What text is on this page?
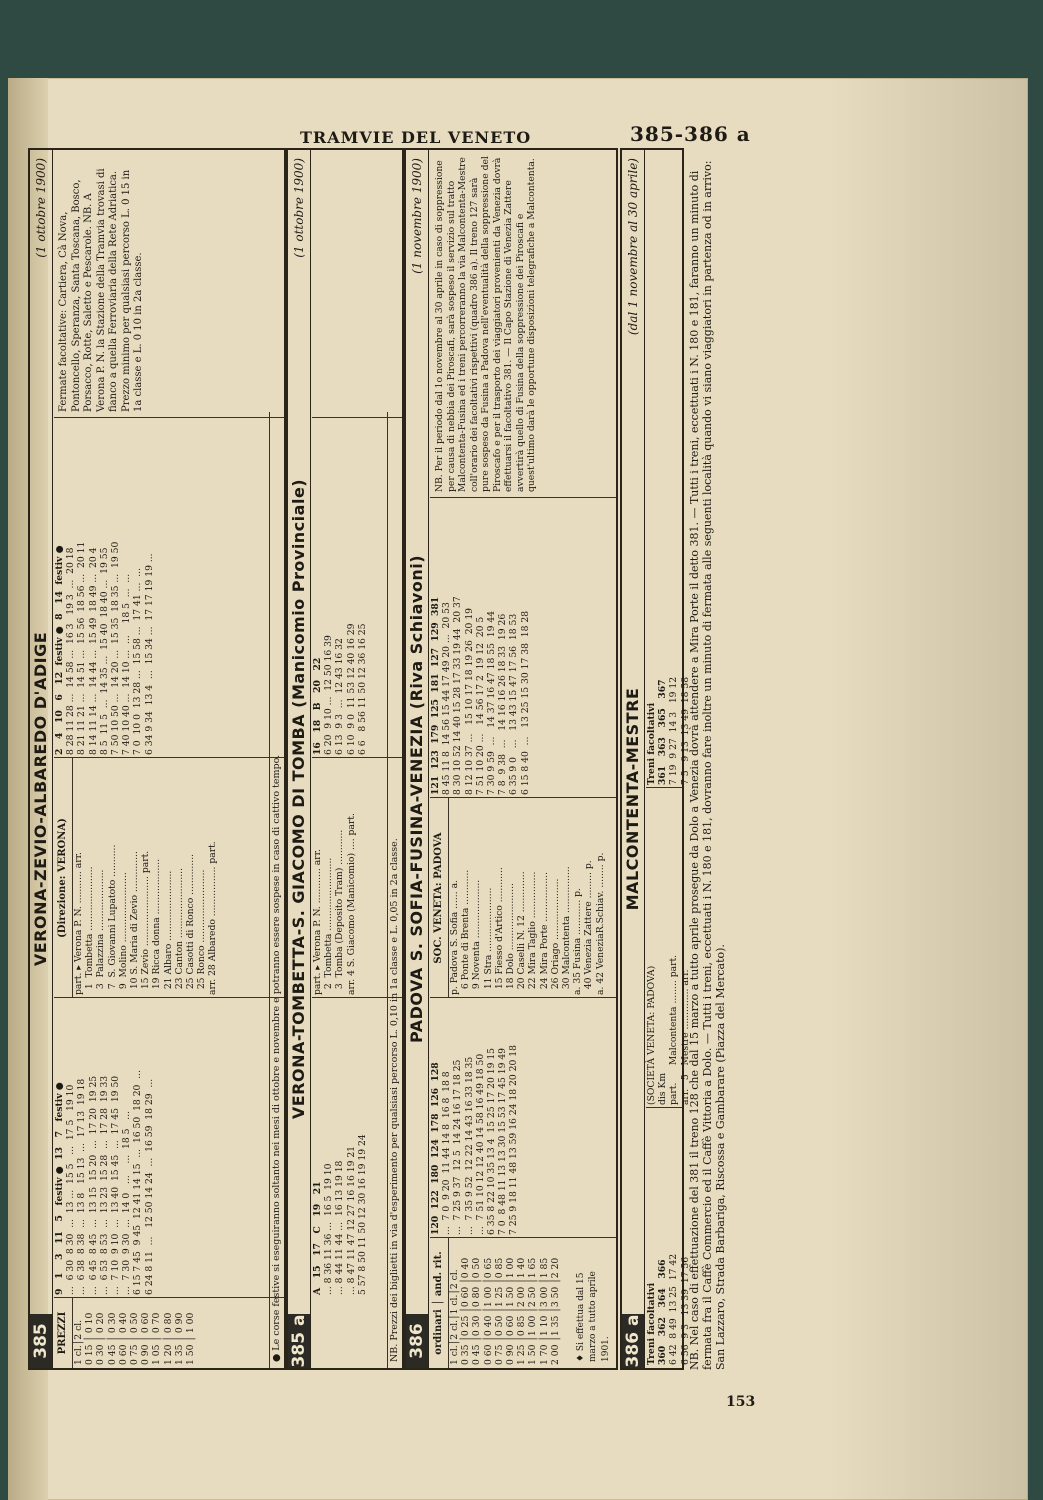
TRAMVIE DEL VENETO	385-386 a
153
385
VERONA-ZEVIO-ALBAREDO D'ADIGE
(1 ottobre 1900)
PREZZI 1 cl.│2 cl. 0 15 │ 0 10 0 30 │ 0 20 0 45 │ 0 30 0 60 │ 0 40 0 75 │ 0 50 0 90 │ 0 60 1 05 │ 0 70 1 20 │ 0 80 1 35 │ 0 90 1 50 │ 1 00
9   1    3   11   5   festiv ●  13   7   festiv ● ...  6 30  8 30  ...  13 ...  15 5   ...  17 5   19 10 ...  6 38  8 38  ...  13 8   15 13  ...  17 13  19 18 ...  6 45  8 45  ...  13 15  15 20  ...  17 20  19 25 ...  6 53  8 53  ...  13 23  15 28  ...  17 28  19 33 ...  7 10  9 10  ...  13 40  15 45  ...  17 45  19 50 ...  7 30  9 30  ...  14 0   ...    ...  18 5   ... 6 15 7 45  9 45  12 41 14 15  ...  16 50  18 20  ... 6 24 8 11  ...   12 50 14 24  ...  16 59  18 29  ...
(Direzione: VERONA) part. ▸ Verona P. N. ........... arr. 1  Tombetta ...................... 3  Palazzina ..................... 7  S. Giovanni Lupatoto ........... 9  Molino ........................ 10 S. Maria di Zevio .............. 15 Zevio ........................ part. 19 Ricca donna ................... 21 Albaro ........................ 23 Canton ........................ 25 Casotti di Ronco .............. 25 Ronco ......................... arr. 28 Albaredo ................. part.
2   4   10   6   12  festiv ●  8   14  festiv ● 8 28 11 28 ...  14 58 ...  16 3   19 3  ...  20 18 8 21 11 21 ...  14 51 ...  15 56  18 56 ...  20 11 8 14 11 14 ...  14 44 ...  15 49  18 49 ...  20 4 8 5  11 5  ...  14 35 ...  15 40  18 40 ...  19 55 7 50 10 50 ...  14 20 ...  15 35  18 35 ...  19 50 7 40 10 40 ...  14 10 ...  ...    18 5  ...  ... 7 0  10 0  13 28 ...  15 58 ...  17 41 ...  ... 6 34 9 34  13 4  ...  15 34 ...  17 17 19 19 ...
Fermate facoltative: Cartiera, Cà Nova, Pontoncello, Speranza, Santa Toscana, Bosco, Porsacco, Rotte, Saletto e Pescarole. NB. A Verona P. N. la Stazione della Tramvia trovasi di fianco a quella Ferroviaria della Rete Adriatica. Prezzo minimo per qualsiasi percorso L. 0 15 in 1a classe e L. 0 10 in 2a classe.
● Le corse festive si eseguiranno soltanto nei mesi di ottobre e novembre e potranno essere sospese in caso di cattivo tempo. 385 a
VERONA-TOMBETTA-S. GIACOMO DI TOMBA (Manicomio Provinciale)
(1 ottobre 1900)
A   15   17   C   19   21 ... 8 36 11 36 ...  16 5  19 10 ... 8 44 11 44 ...  16 13 19 18 ... 8 47 11 47 12 27 16 16 19 21 5 57 8 50 11 50 12 30 16 19 19 24
part. ▸ Verona P. N. ............ arr. 2  Tombetta ......................... 3  Tomba (Deposito Tram) ............ arr. 4 S. Giacomo (Manicomio) .... part.
16   18   B   20   22 6 20  9 10 ...  12 50 16 39 6 13  9 3  ...  12 43 16 32 6 10  9 0  11 53 12 40 16 29 6 6   8 56 11 50 12 36 16 25
NB. Prezzi dei biglietti in via d'esperimento per qualsiasi percorso L. 0,10 in 1a classe e L. 0,05 in 2a classe. 386
PADOVA S. SOFIA-FUSINA-VENEZIA (Riva Schiavoni)
(1 novembre 1900)
ordinari │ and. rit. 1 cl.│2 cl.│1 cl.│2 cl. 0 35 │0 25 │0 60 │0 40 0 45 │0 30 │0 80 │0 50 0 60 │0 40 │1 00 │0 65 0 75 │0 50 │1 25 │0 85 0 90 │0 60 │1 50 │1 00 1 25 │0 85 │2 00 │1 40 1 50 │1 00 │2 50 │1 65 1 70 │1 10 │3 00 │1 85 2 00 │1 35 │3 50 │2 20	♦ Si effettua dal 15 marzo a tutto aprile 1901.
120  122  180  124  178  126  128 ...  7 0  9 20  11 44 14 8  16 8  18 8 ...  7 25 9 37  12 5  14 24 16 17 18 25 ...  7 35 9 52  12 22 14 43 16 33 18 35 ...  7 51 10 12 12 40 14 58 16 49 18 50 6 35 8 22 10 35 13 4  15 25 17 20 19 15 7 0  8 48 11 13 13 30 15 53 17 45 19 49 7 25 9 18 11 48 13 59 16 24 18 20 20 18
SOC. VENETA: PADOVA p. Padova S. Sofia ...... a. 6 Ponte di Brenta ............ 9 Noventa .................... 11 Stra ...................... 15 Fiesso d'Artico ............ 18 Dolo ....................... 20 Caselli N. 12 .............. 22 Mira Taglio ................ 24 Mira Porte ................. 26 Oriago ..................... 30 Malcontenta ................ a. 35 Fusina ............ p. 40 Venezia Zattere ......... p. a. 42 VeneziaR.Schiav. ........ p.
121  123  179  125  181  127  129  381 8 45 11 8  14 56 15 44 17 49 20 ...  20 53 8 30 10 52 14 40 15 28 17 33 19 44  20 37 8 12 10 37 ...   15 10 17 18 19 26  20 19 7 51 10 20 ...   14 56 17 2  19 12  20 5 7 30 9 59  ...   14 37 16 47 18 55  19 44 7 8  9 38  ...   14 16 16 26 18 33  19 26 6 35 9 0   ...   13 43 15 47 17 56  18 53 6 15 8 40  ...   13 25 15 30 17 38  18 28
NB. Per il periodo dal 1o novembre al 30 aprile in caso di soppressione per causa di nebbia dei Piroscafi, sarà sospeso il servizio sul tratto Malcontenta-Fusina ed i treni percorreranno la via Malcontenta-Mestre coll'orario dei facoltativi rispettivi (quadro 386 a). Il treno 127 sarà pure sospeso da Fusina a Padova nell'eventualità della soppressione del Piroscafo e per il trasporto dei viaggiatori provenienti da Venezia dovrà effettuarsi il facoltativo 381. — Il Capo Stazione di Venezia Zattere avvertirà quello di Fusina della soppressione dei Piroscafi e quest'ultimo darà le opportune disposizioni telegrafiche a Malcontenta.
386 a
MALCONTENTA-MESTRE
(dal 1 novembre al 30 aprile)
Treni facoltativi 360   362   364   366 6 42  8 49  13 25  17 42 6 56  9 3   13 39  17 56
(SOCIETÀ VENETA: PADOVA) dis Km part.      Malcontenta ........ part. arr.   5   Mestre .............. arr.
Treni facoltativi 361   363   365   367 7 19  9 27  14 3   19 12 7 5   9 13  13 49  18 58
NB. Nel caso di effettuazione del 381 il treno 128 che dal 15 marzo a tutto aprile prosegue da Dolo a Venezia dovrà attendere a Mira Porte il detto 381. — Tutti i treni, eccettuati i N. 180 e 181, faranno un minuto di fermata fra il Caffè Commercio ed il Caffè Vittoria a Dolo. — Tutti i treni, eccettuati i N. 180 e 181, dovranno fare inoltre un minuto di fermata alle seguenti località quando vi siano viaggiatori in partenza od in arrivo: San Lazzaro, Strada Barbariga, Riscossa e Gambarare (Piazza del Mercato).
